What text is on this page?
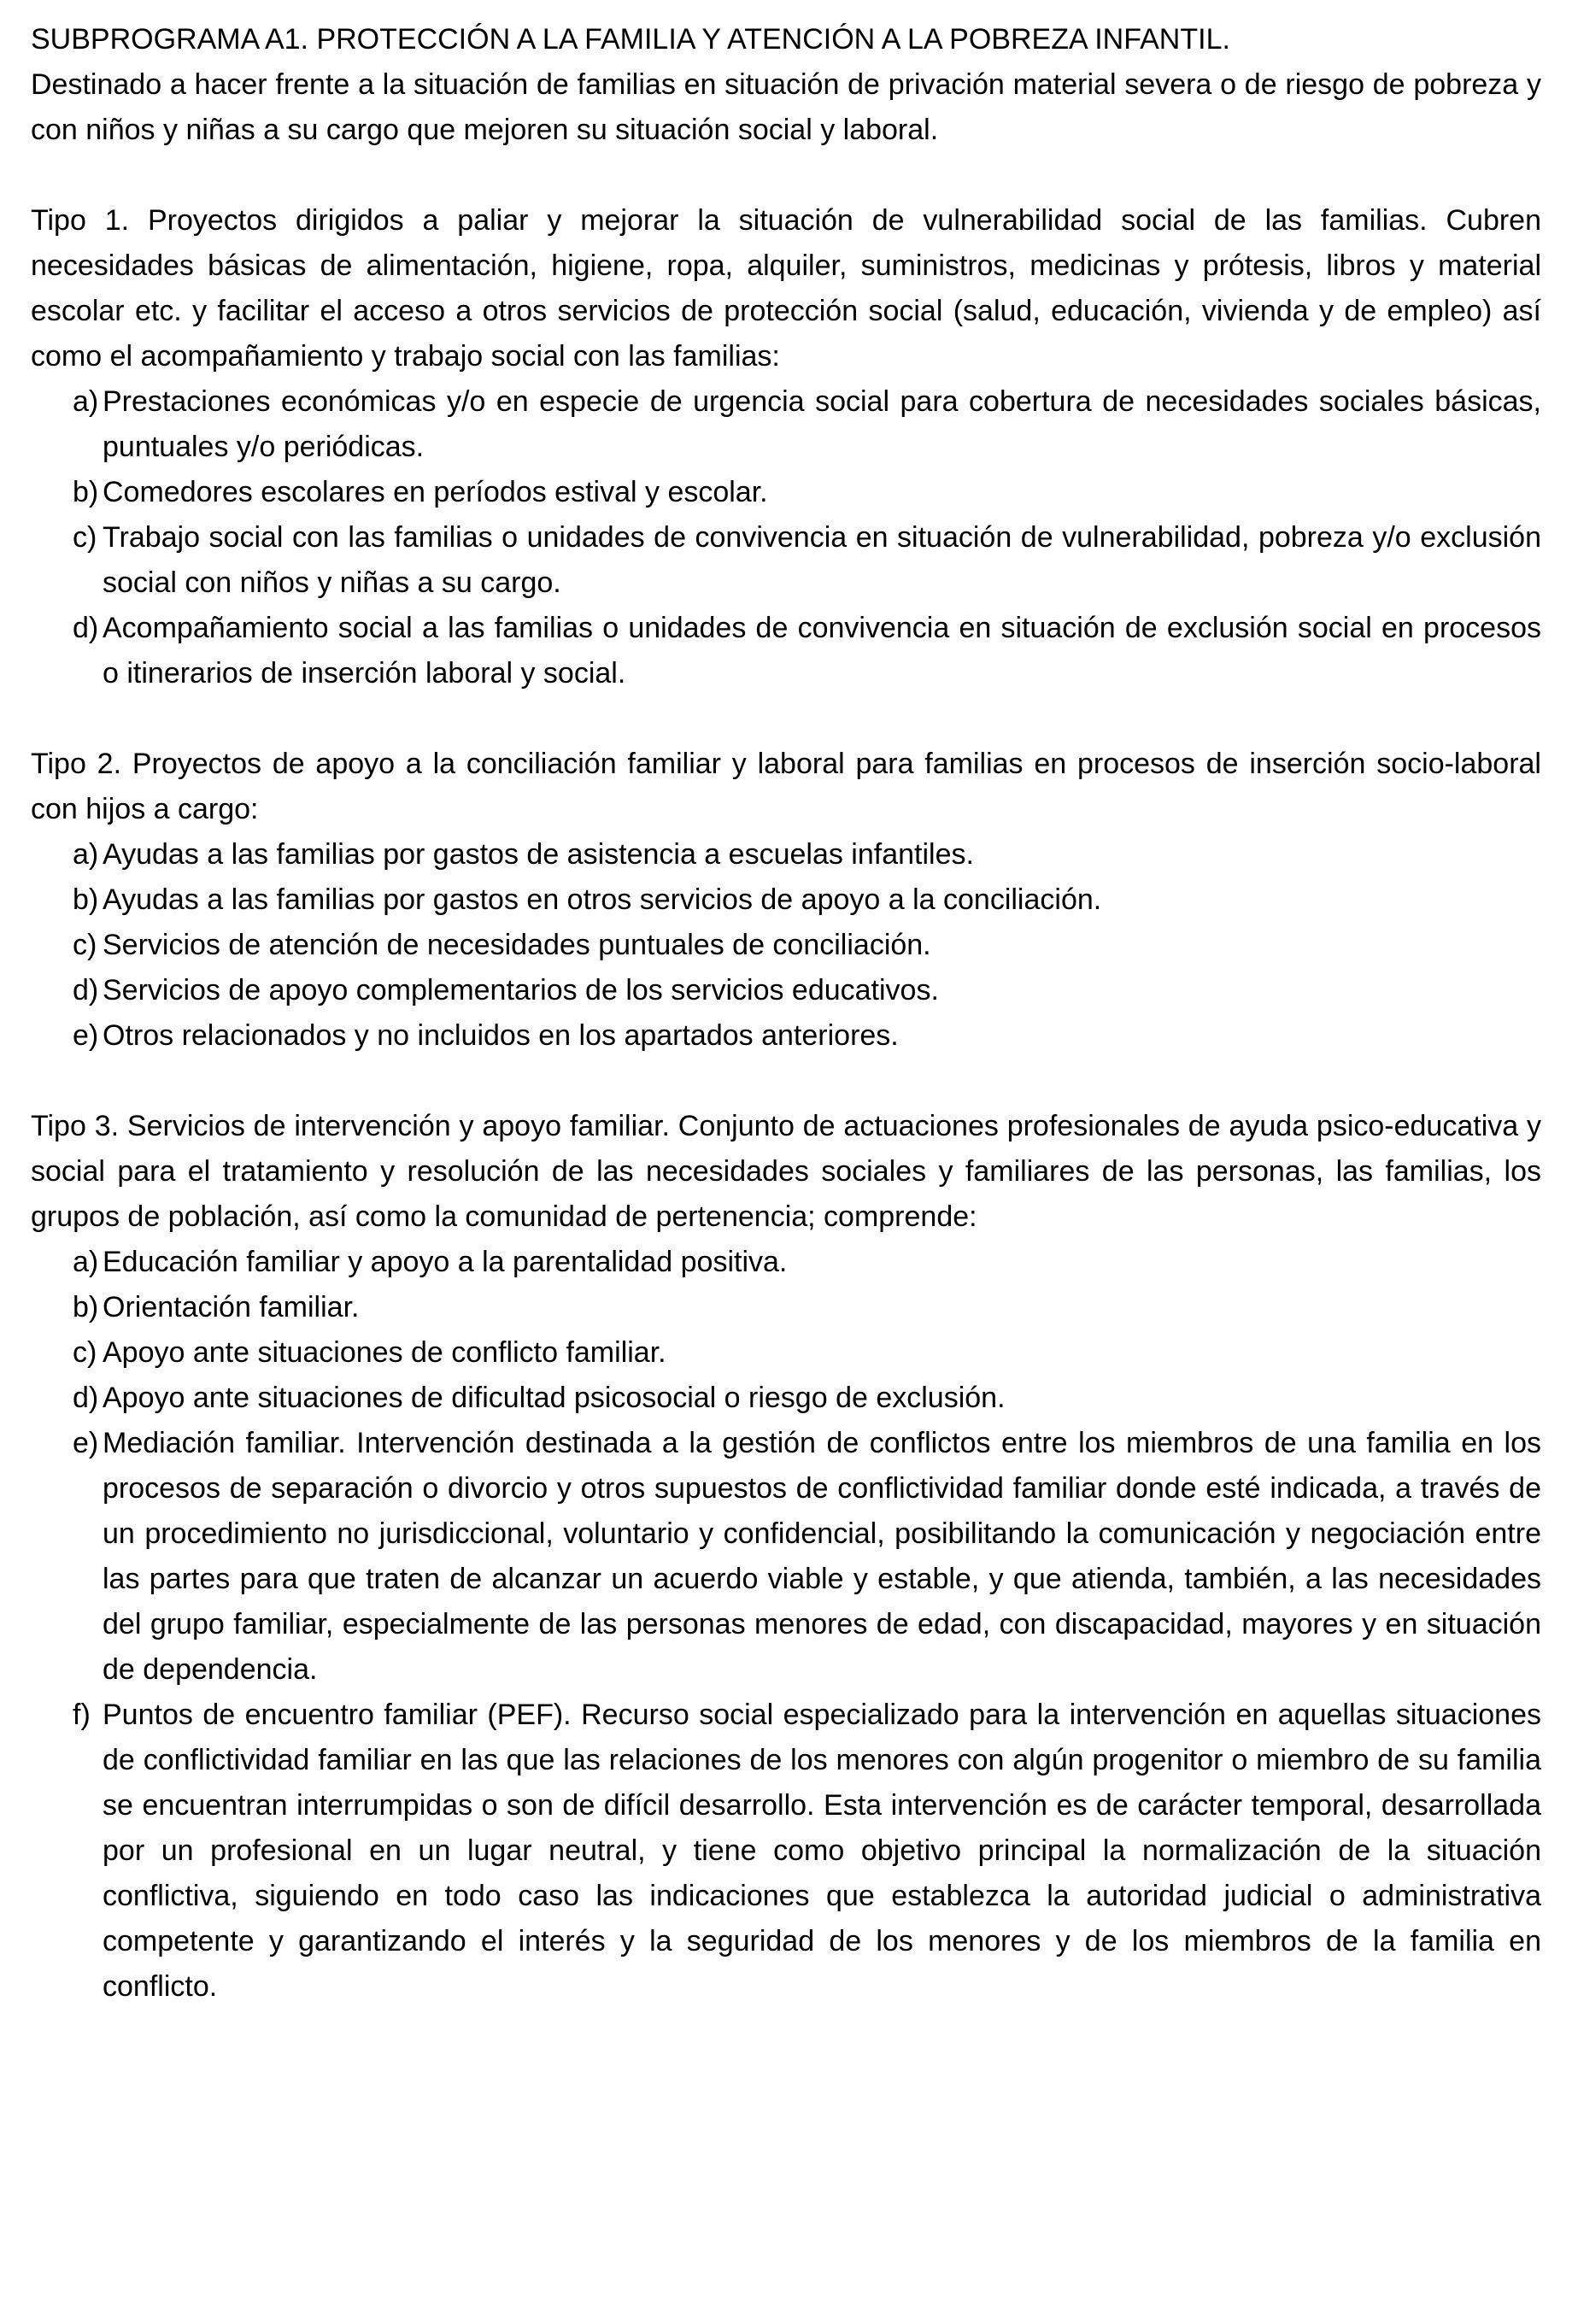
SUBPROGRAMA A1. PROTECCIÓN A LA FAMILIA Y ATENCIÓN A LA POBREZA INFANTIL.

Destinado a hacer frente a la situación de familias en situación de privación material severa o de riesgo de pobreza y con niños y niñas a su cargo que mejoren su situación social y laboral.

Tipo 1. Proyectos dirigidos a paliar y mejorar la situación de vulnerabilidad social de las familias. Cubren necesidades básicas de alimentación, higiene, ropa, alquiler, suministros, medicinas y prótesis, libros y material escolar etc. y facilitar el acceso a otros servicios de protección social (salud, educación, vivienda y de empleo) así como el acompañamiento y trabajo social con las familias:

a) Prestaciones económicas y/o en especie de urgencia social para cobertura de necesidades sociales básicas, puntuales y/o periódicas.
b) Comedores escolares en períodos estival y escolar.
c) Trabajo social con las familias o unidades de convivencia en situación de vulnerabilidad, pobreza y/o exclusión social con niños y niñas a su cargo.
d) Acompañamiento social a las familias o unidades de convivencia en situación de exclusión social en procesos o itinerarios de inserción laboral y social.

Tipo 2. Proyectos de apoyo a la conciliación familiar y laboral para familias en procesos de inserción socio-laboral con hijos a cargo:

a) Ayudas a las familias por gastos de asistencia a escuelas infantiles.
b) Ayudas a las familias por gastos en otros servicios de apoyo a la conciliación.
c) Servicios de atención de necesidades puntuales de conciliación.
d) Servicios de apoyo complementarios de los servicios educativos.
e) Otros relacionados y no incluidos en los apartados anteriores.

Tipo 3. Servicios de intervención y apoyo familiar. Conjunto de actuaciones profesionales de ayuda psico-educativa y social para el tratamiento y resolución de las necesidades sociales y familiares de las personas, las familias, los grupos de población, así como la comunidad de pertenencia; comprende:

a) Educación familiar y apoyo a la parentalidad positiva.
b) Orientación familiar.
c) Apoyo ante situaciones de conflicto familiar.
d) Apoyo ante situaciones de dificultad psicosocial o riesgo de exclusión.
e) Mediación familiar. Intervención destinada a la gestión de conflictos entre los miembros de una familia en los procesos de separación o divorcio y otros supuestos de conflictividad familiar donde esté indicada, a través de un procedimiento no jurisdiccional, voluntario y confidencial, posibilitando la comunicación y negociación entre las partes para que traten de alcanzar un acuerdo viable y estable, y que atienda, también, a las necesidades del grupo familiar, especialmente de las personas menores de edad, con discapacidad, mayores y en situación de dependencia.
f) Puntos de encuentro familiar (PEF). Recurso social especializado para la intervención en aquellas situaciones de conflictividad familiar en las que las relaciones de los menores con algún progenitor o miembro de su familia se encuentran interrumpidas o son de difícil desarrollo. Esta intervención es de carácter temporal, desarrollada por un profesional en un lugar neutral, y tiene como objetivo principal la normalización de la situación conflictiva, siguiendo en todo caso las indicaciones que establezca la autoridad judicial o administrativa competente y garantizando el interés y la seguridad de los menores y de los miembros de la familia en conflicto.
